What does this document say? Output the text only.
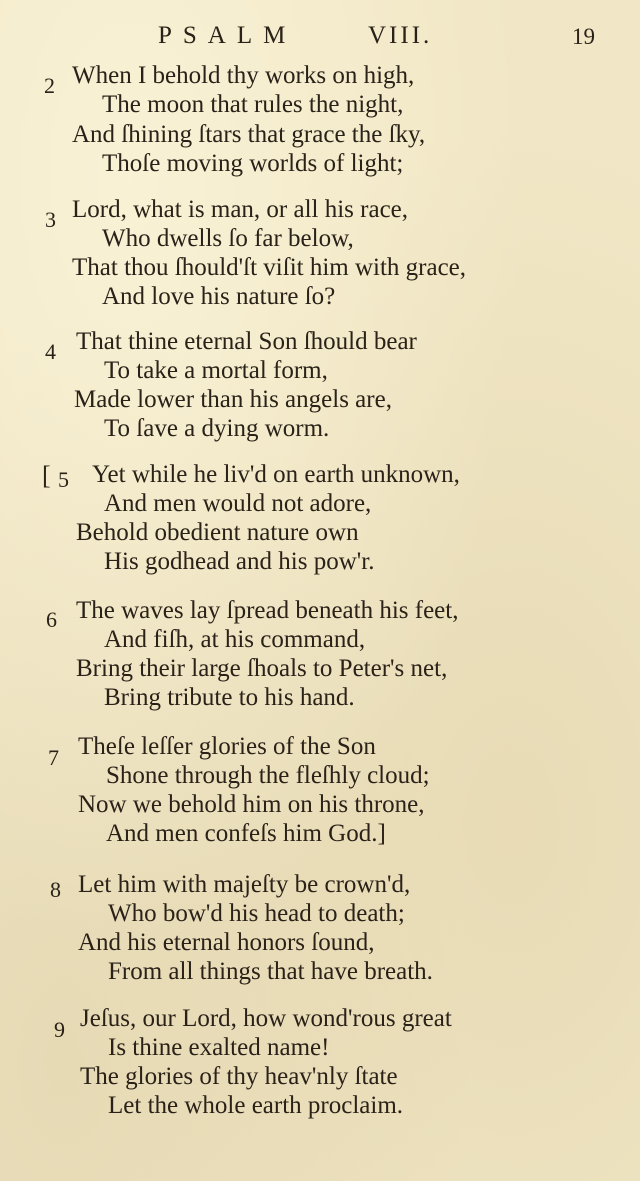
PSALM	VIII.	19
2 When I behold thy works on high,
The moon that rules the night,
And ſhining ſtars that grace the ſky,
Thoſe moving worlds of light;
3 Lord, what is man, or all his race,
Who dwells ſo far below,
That thou ſhould'ſt viſit him with grace,
And love his nature ſo?
4 That thine eternal Son ſhould bear
To take a mortal form,
Made lower than his angels are,
To ſave a dying worm.
[ 5 Yet while he liv'd on earth unknown,
And men would not adore,
Behold obedient nature own
His godhead and his pow'r.
6 The waves lay ſpread beneath his feet,
And fiſh, at his command,
Bring their large ſhoals to Peter's net,
Bring tribute to his hand.
7 Theſe leſſer glories of the Son
Shone through the fleſhly cloud;
Now we behold him on his throne,
And men confeſs him God.]
8 Let him with majeſty be crown'd,
Who bow'd his head to death;
And his eternal honors ſound,
From all things that have breath.
9 Jeſus, our Lord, how wond'rous great
Is thine exalted name!
The glories of thy heav'nly ſtate
Let the whole earth proclaim.
